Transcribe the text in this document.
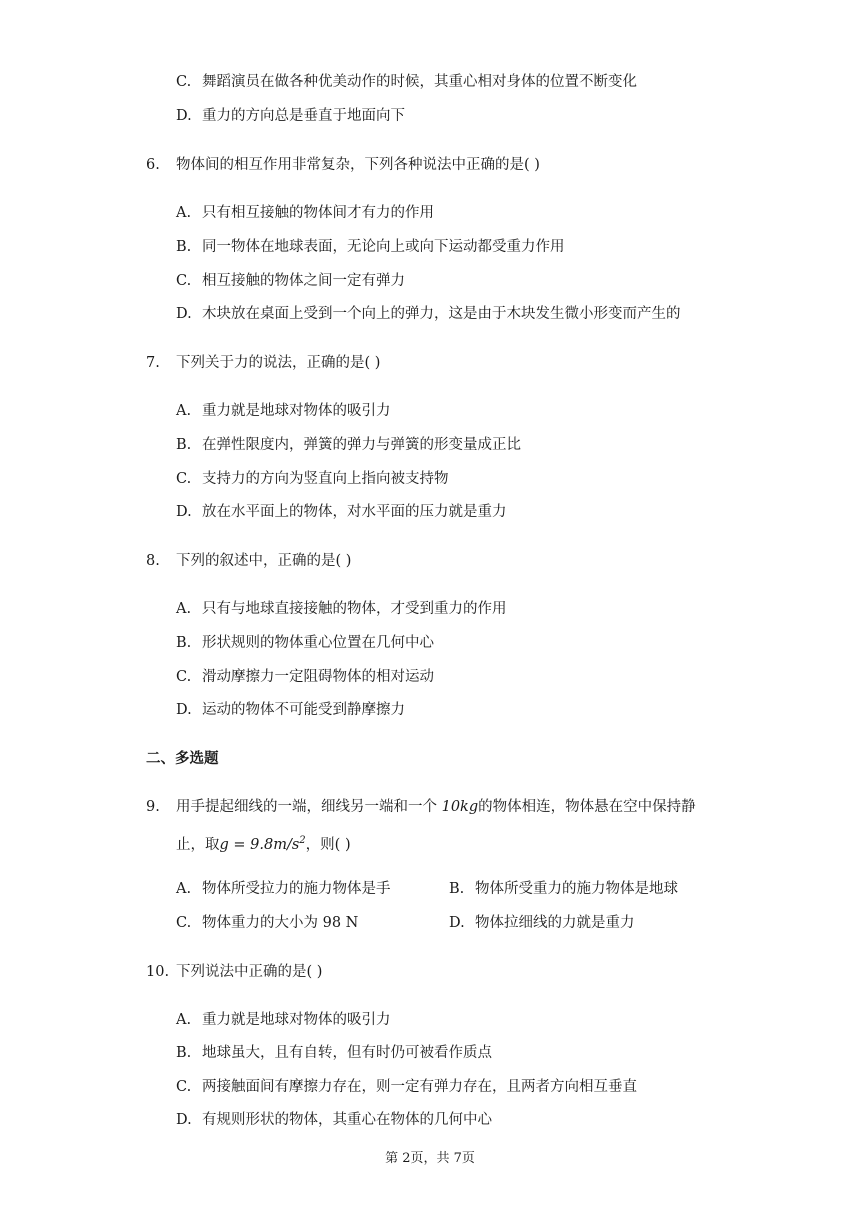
C. 舞蹈演员在做各种优美动作的时候，其重心相对身体的位置不断变化
D. 重力的方向总是垂直于地面向下
6. 物体间的相互作用非常复杂，下列各种说法中正确的是( )
A. 只有相互接触的物体间才有力的作用
B. 同一物体在地球表面，无论向上或向下运动都受重力作用
C. 相互接触的物体之间一定有弹力
D. 木块放在桌面上受到一个向上的弹力，这是由于木块发生微小形变而产生的
7. 下列关于力的说法，正确的是( )
A. 重力就是地球对物体的吸引力
B. 在弹性限度内，弹簧的弹力与弹簧的形变量成正比
C. 支持力的方向为竖直向上指向被支持物
D. 放在水平面上的物体，对水平面的压力就是重力
8. 下列的叙述中，正确的是( )
A. 只有与地球直接接触的物体，才受到重力的作用
B. 形状规则的物体重心位置在几何中心
C. 滑动摩擦力一定阻碍物体的相对运动
D. 运动的物体不可能受到静摩擦力
二、多选题
9. 用手提起细线的一端，细线另一端和一个 10kg的物体相连，物体悬在空中保持静
止，取$g = 9.8m/s^2$，则( )
A. 物体所受拉力的施力物体是手	B. 物体所受重力的施力物体是地球
C. 物体重力的大小为 98 N	D. 物体拉细线的力就是重力
10. 下列说法中正确的是( )
A. 重力就是地球对物体的吸引力
B. 地球虽大，且有自转，但有时仍可被看作质点
C. 两接触面间有摩擦力存在，则一定有弹力存在，且两者方向相互垂直
D. 有规则形状的物体，其重心在物体的几何中心
第 2页，共 7页
